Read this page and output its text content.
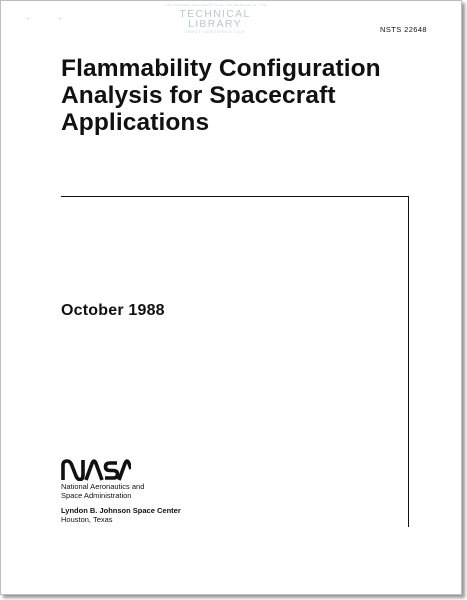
. .
THE ORIGINAL DOCUMENT IS AT THE WEBSITE OF THE
TECHNICAL LIBRARY
ABBOTTAEROSPACE.COM	NSTS 22648
Flammability Configuration
Analysis for Spacecraft
Applications
October 1988
National Aeronautics and
Space Administration
Lyndon B. Johnson Space Center
Houston, Texas
